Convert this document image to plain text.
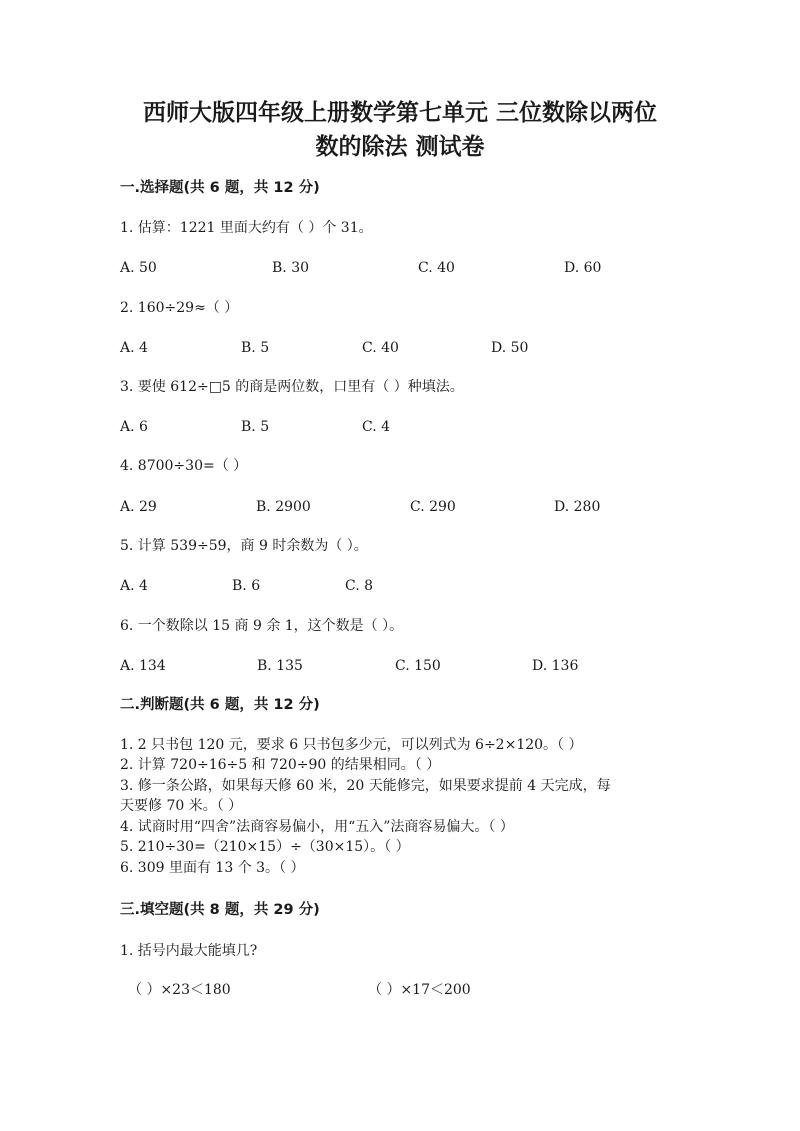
西师大版四年级上册数学第七单元 三位数除以两位
数的除法 测试卷
一.选择题(共 6 题，共 12 分)
1. 估算：1221 里面大约有（ ）个 31。
A. 50	B. 30	C. 40	D. 60
2. 160÷29≈（ ）
A. 4	B. 5	C. 40	D. 50
3. 要使 612÷□5 的商是两位数，口里有（ ）种填法。
A. 6	B. 5	C. 4
4. 8700÷30=（ ）
A. 29	B. 2900	C. 290	D. 280
5. 计算 539÷59，商 9 时余数为（ ）。
A. 4	B. 6	C. 8
6. 一个数除以 15 商 9 余 1，这个数是（ ）。
A. 134	B. 135	C. 150	D. 136
二.判断题(共 6 题，共 12 分)
1. 2 只书包 120 元，要求 6 只书包多少元，可以列式为 6÷2×120。（ ）
2. 计算 720÷16÷5 和 720÷90 的结果相同。（ ）
3. 修一条公路，如果每天修 60 米，20 天能修完，如果要求提前 4 天完成，每
天要修 70 米。（ ）
4. 试商时用“四舍”法商容易偏小，用“五入”法商容易偏大。（ ）
5. 210÷30=（210×15）÷（30×15）。（ ）
6. 309 里面有 13 个 3。（ ）
三.填空题(共 8 题，共 29 分)
1. 括号内最大能填几?
（ ）×23＜180	（ ）×17＜200
